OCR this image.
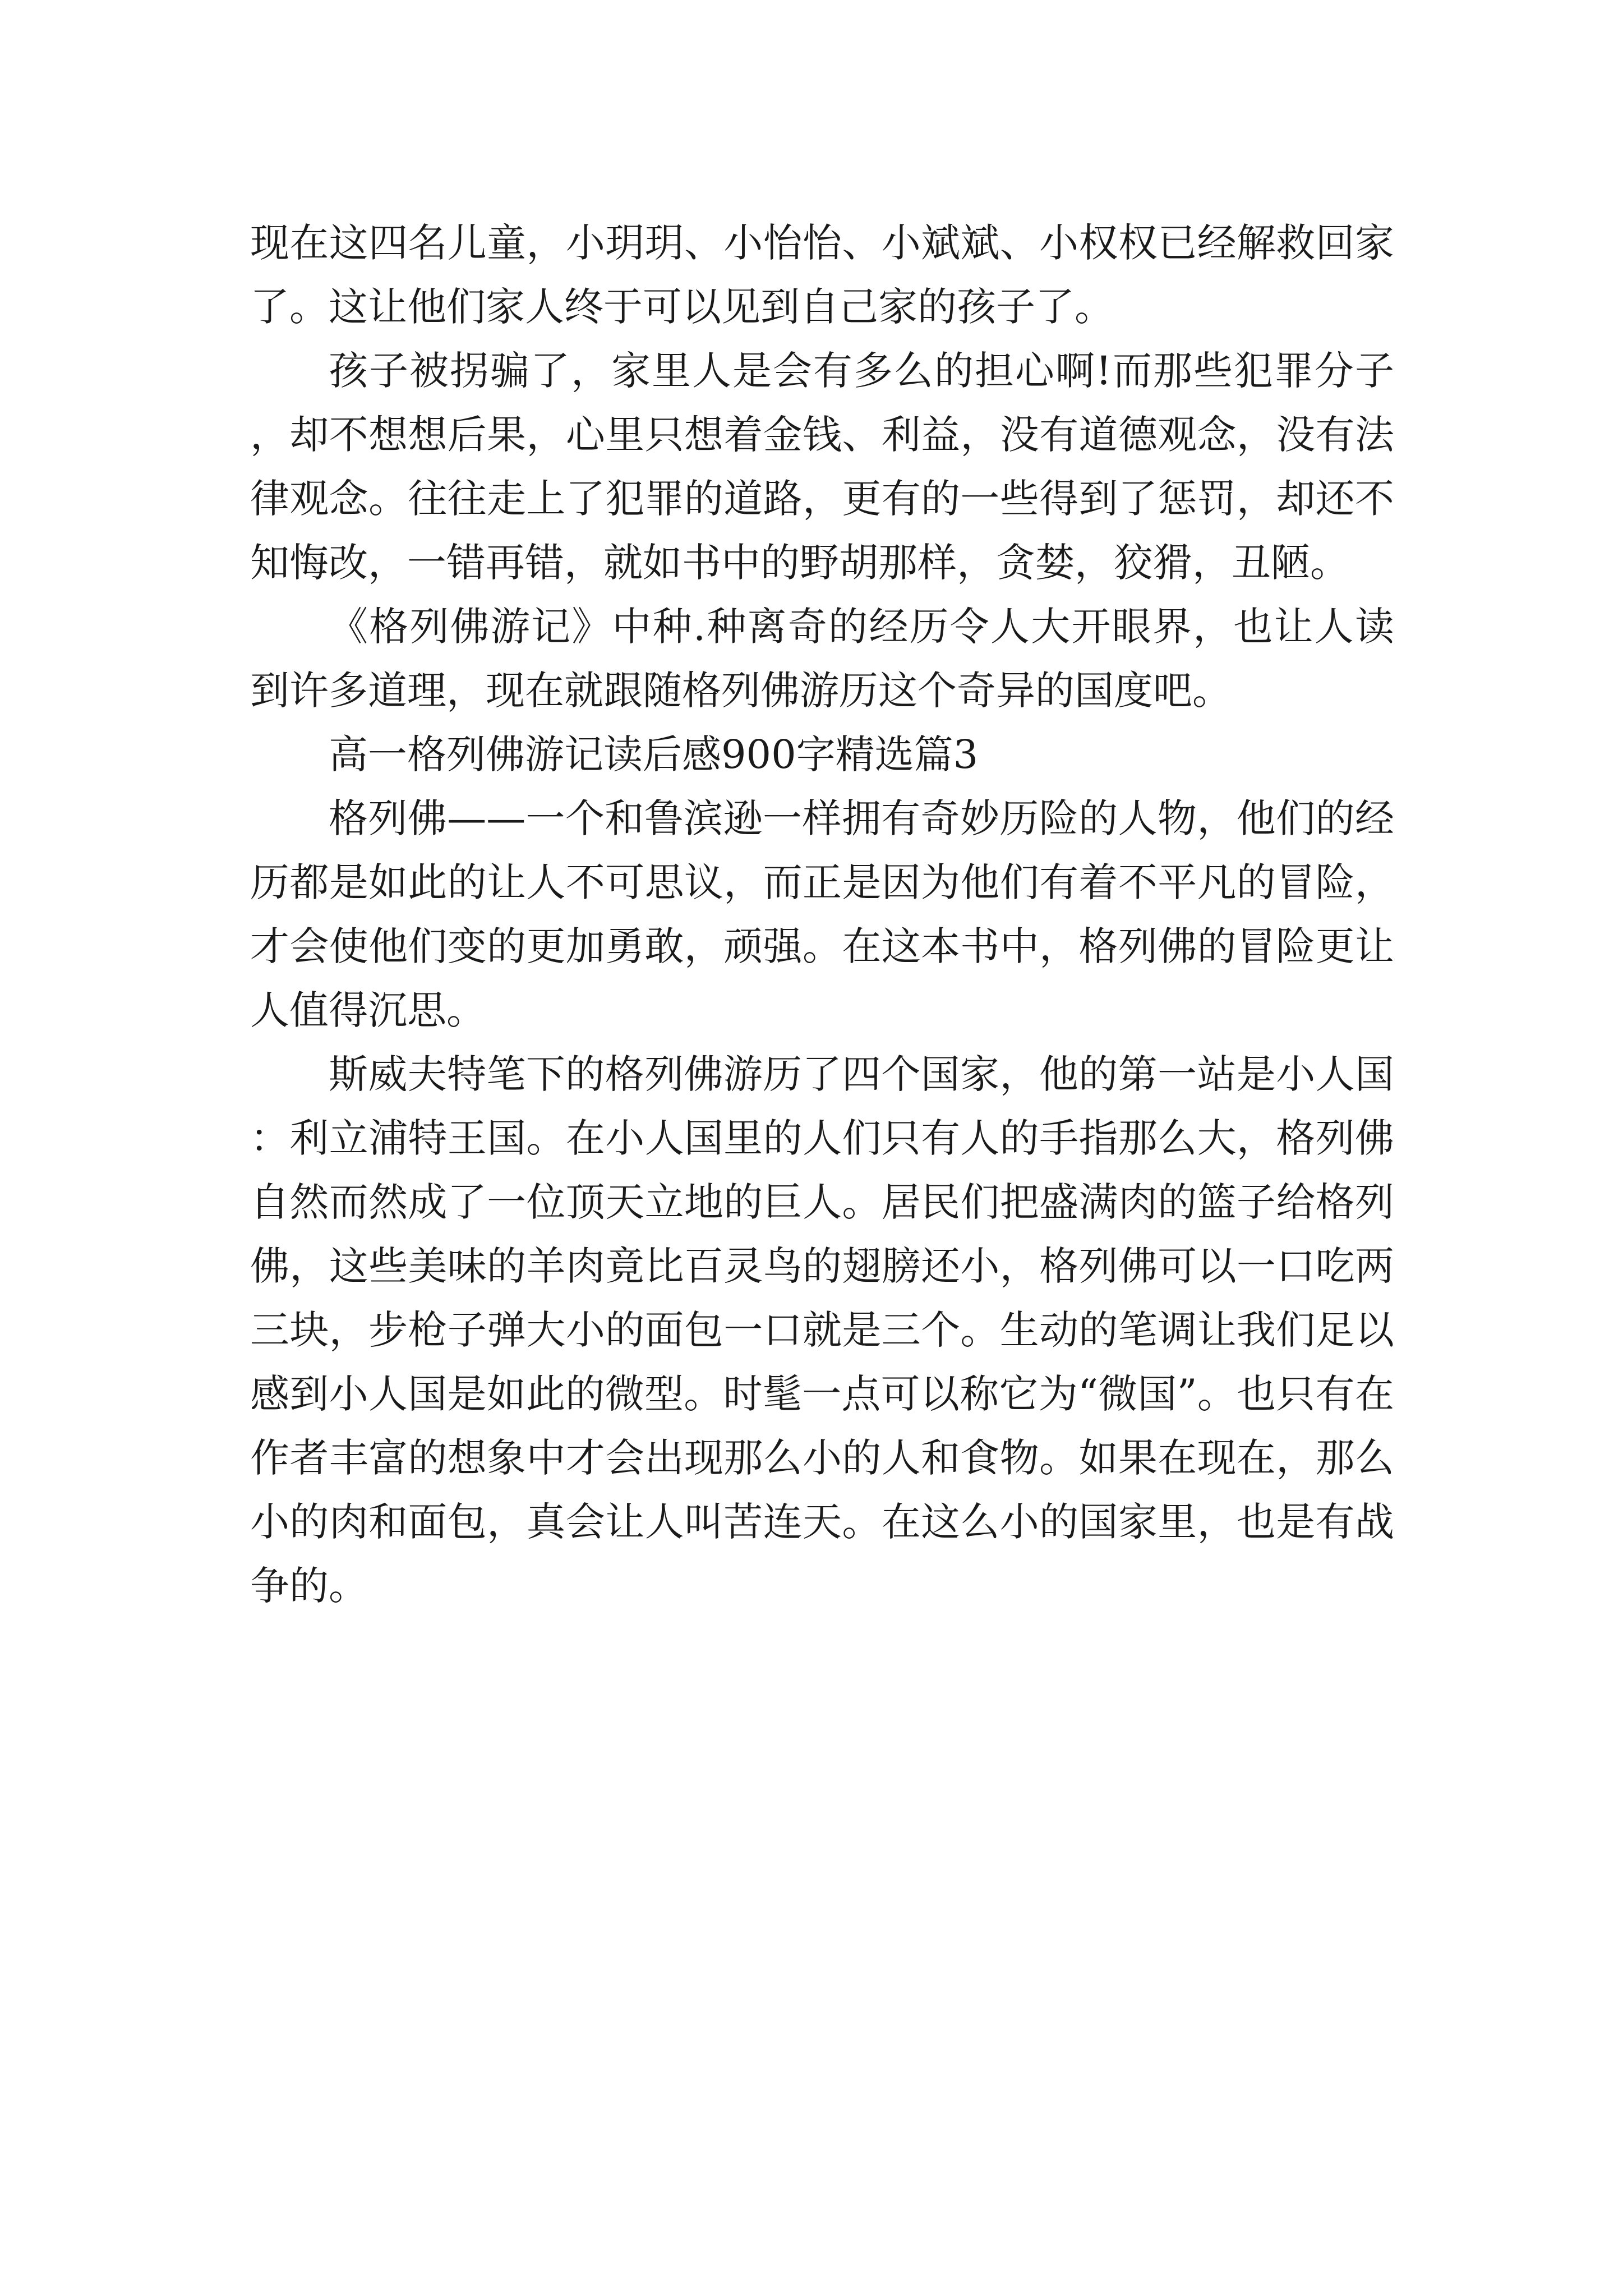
现在这四名儿童，小玥玥、小怡怡、小斌斌、小权权已经解救回家了。这让他们家人终于可以见到自己家的孩子了。

孩子被拐骗了，家里人是会有多么的担心啊!而那些犯罪分子，却不想想后果，心里只想着金钱、利益，没有道德观念，没有法律观念。往往走上了犯罪的道路，更有的一些得到了惩罚，却还不知悔改，一错再错，就如书中的野胡那样，贪婪，狡猾，丑陋。

《格列佛游记》中种.种离奇的经历令人大开眼界，也让人读到许多道理，现在就跟随格列佛游历这个奇异的国度吧。

高一格列佛游记读后感900字精选篇3

格列佛——一个和鲁滨逊一样拥有奇妙历险的人物，他们的经历都是如此的让人不可思议，而正是因为他们有着不平凡的冒险，才会使他们变的更加勇敢，顽强。在这本书中，格列佛的冒险更让人值得沉思。

斯威夫特笔下的格列佛游历了四个国家，他的第一站是小人国：利立浦特王国。在小人国里的人们只有人的手指那么大，格列佛自然而然成了一位顶天立地的巨人。居民们把盛满肉的篮子给格列佛，这些美味的羊肉竟比百灵鸟的翅膀还小，格列佛可以一口吃两三块，步枪子弹大小的面包一口就是三个。生动的笔调让我们足以感到小人国是如此的微型。时髦一点可以称它为“微国”。也只有在作者丰富的想象中才会出现那么小的人和食物。如果在现在，那么小的肉和面包，真会让人叫苦连天。在这么小的国家里，也是有战争的。
